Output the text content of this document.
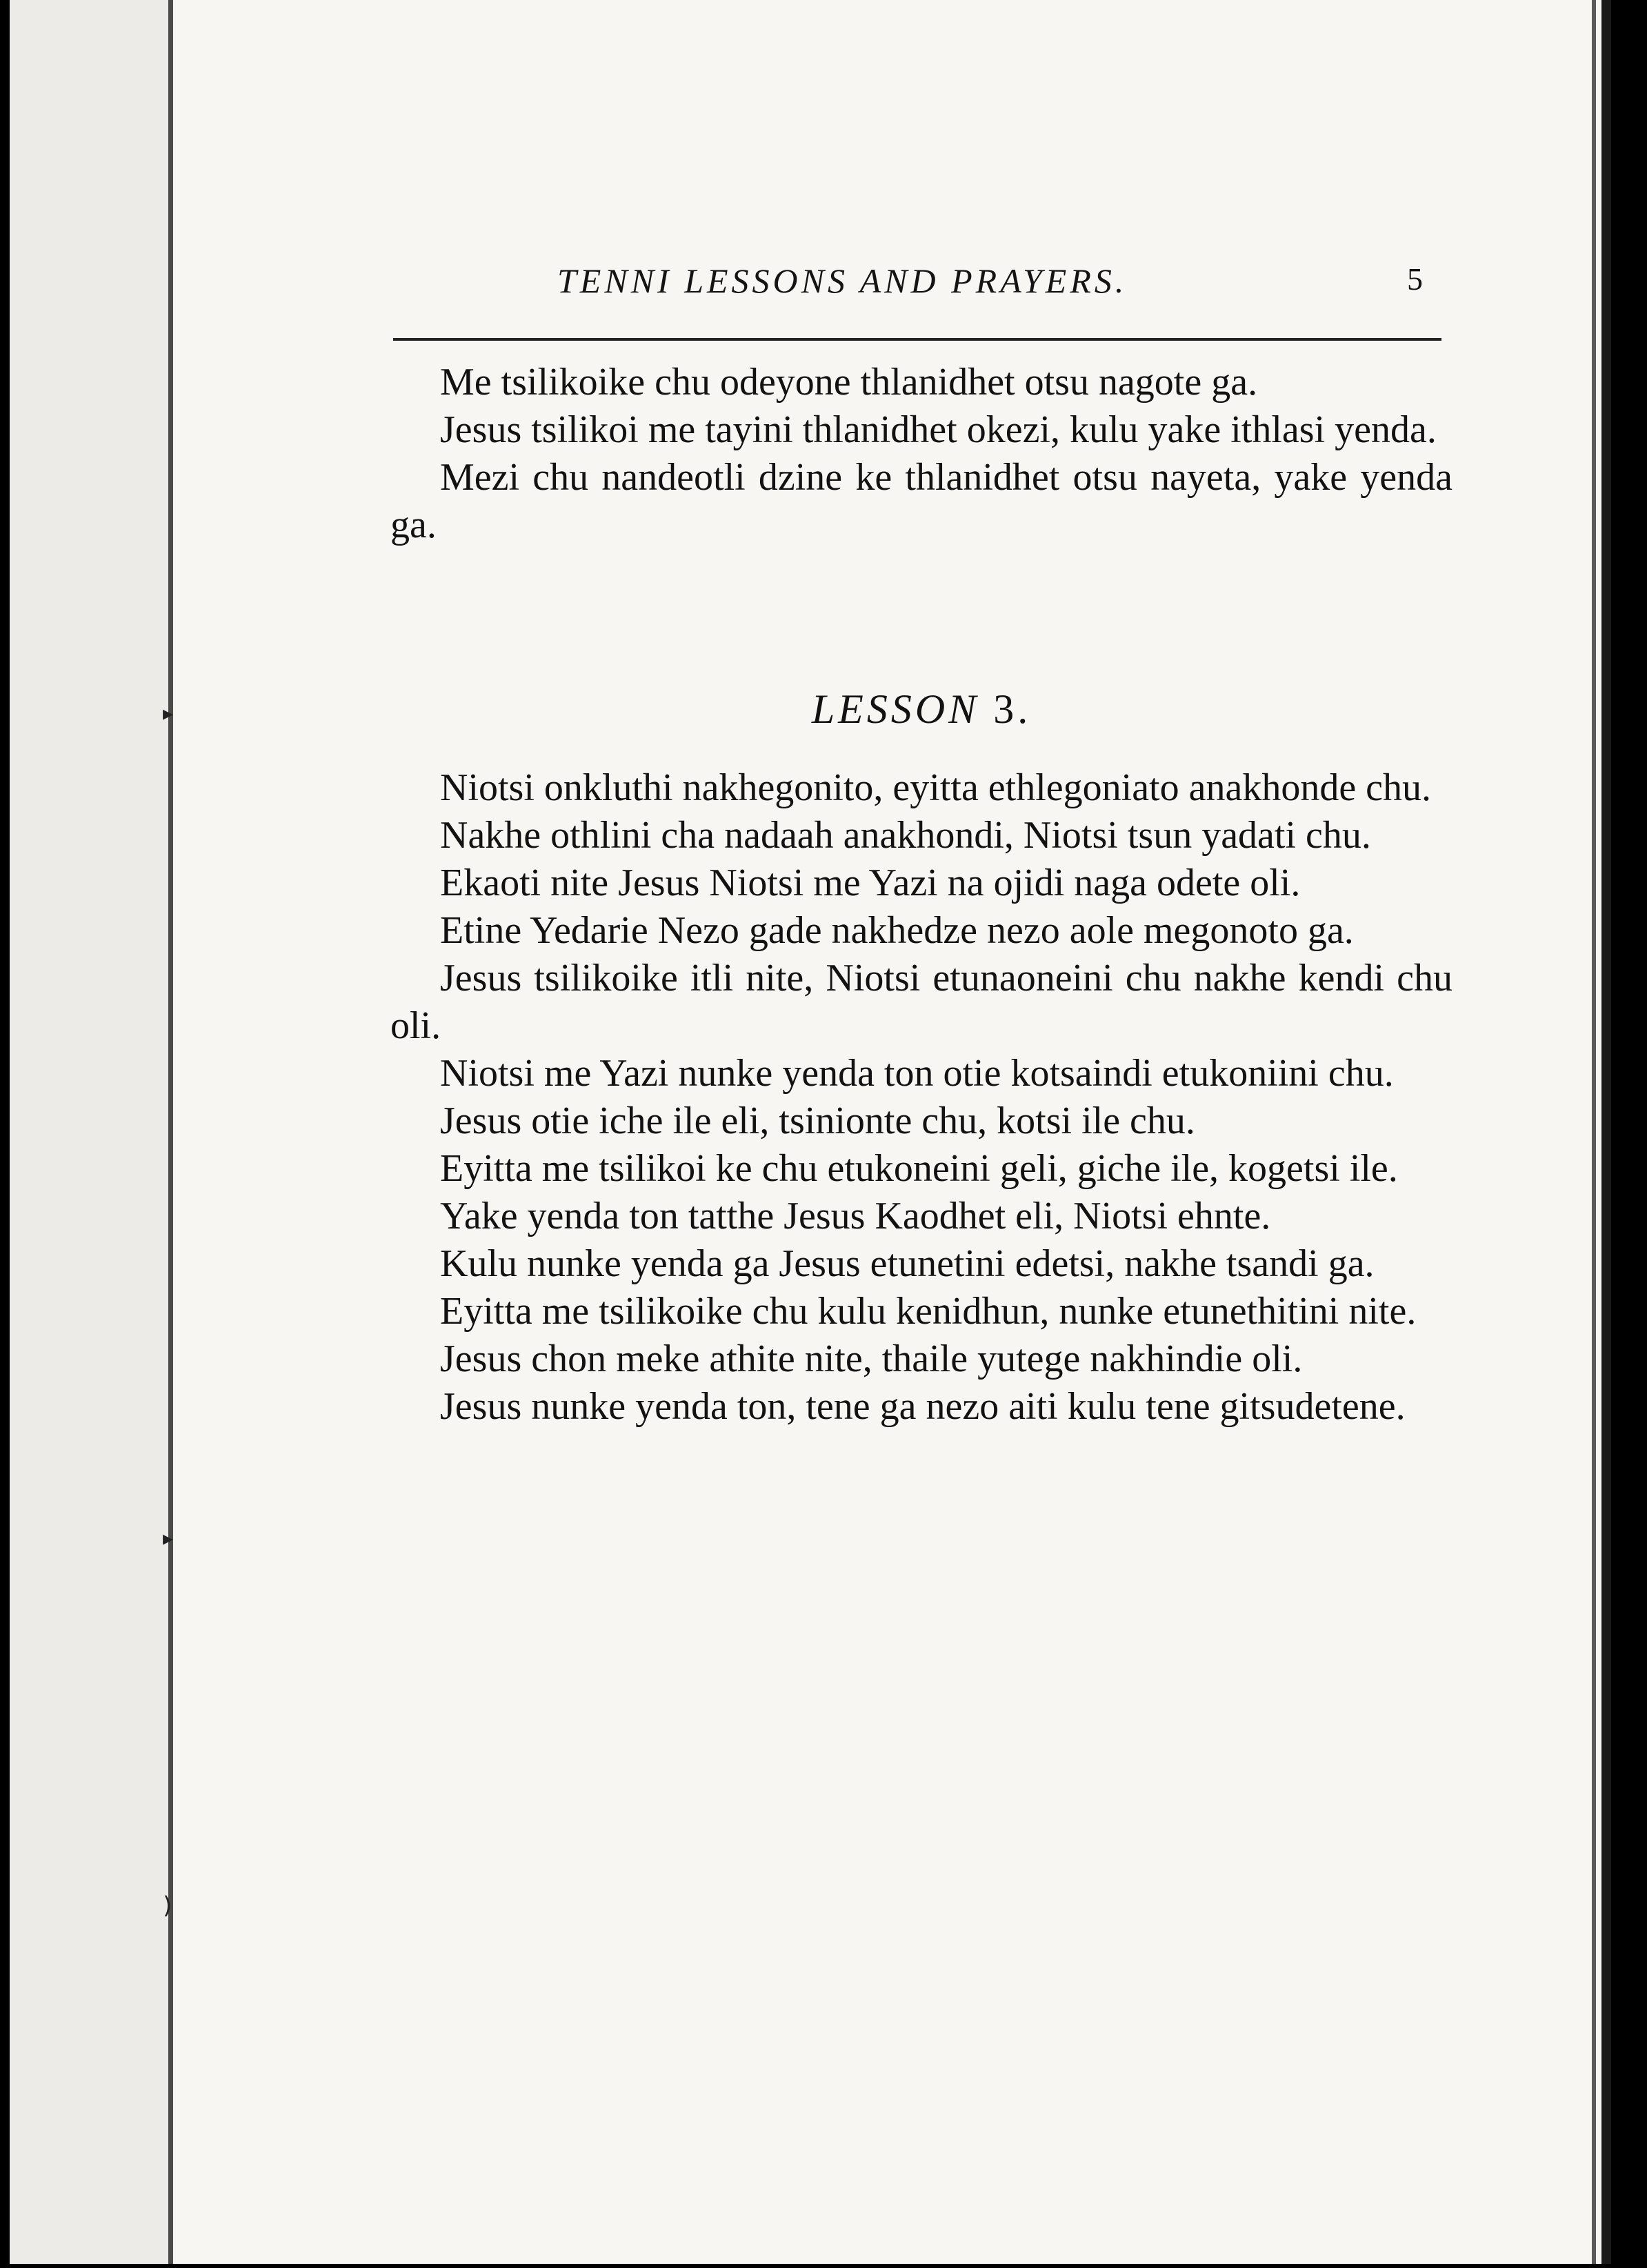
▸
▸
)
TENNI LESSONS AND PRAYERS.	5

Me tsilikoike chu odeyone thlanidhet otsu nagote ga.

Jesus tsilikoi me tayini thlanidhet okezi, kulu yake ithlasi yenda.

Mezi chu nandeotli dzine ke thlanidhet otsu nayeta, yake yenda ga.

LESSON 3.

Niotsi onkluthi nakhegonito, eyitta ethlegoniato anakhonde chu.

Nakhe othlini cha nadaah anakhondi, Niotsi tsun yadati chu.

Ekaoti nite Jesus Niotsi me Yazi na ojidi naga odete oli.

Etine Yedarie Nezo gade nakhedze nezo aole megonoto ga.

Jesus tsilikoike itli nite, Niotsi etunaoneini chu nakhe kendi chu oli.

Niotsi me Yazi nunke yenda ton otie kotsaindi etukoniini chu.

Jesus otie iche ile eli, tsinionte chu, kotsi ile chu.

Eyitta me tsilikoi ke chu etukoneini geli, giche ile, kogetsi ile.

Yake yenda ton tatthe Jesus Kaodhet eli, Niotsi ehnte.

Kulu nunke yenda ga Jesus etunetini edetsi, nakhe tsandi ga.

Eyitta me tsilikoike chu kulu kenidhun, nunke etunethitini nite.

Jesus chon meke athite nite, thaile yutege nakhindie oli.

Jesus nunke yenda ton, tene ga nezo aiti kulu tene gitsudetene.
